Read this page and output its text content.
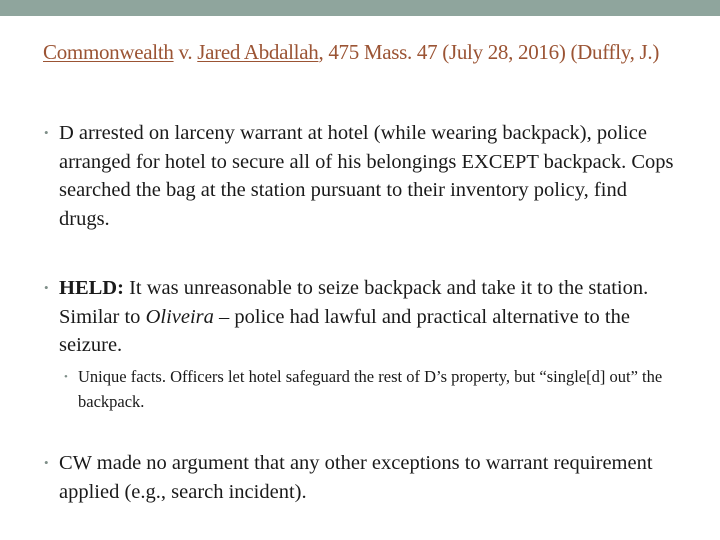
Commonwealth v. Jared Abdallah, 475 Mass. 47 (July 28, 2016) (Duffly, J.)
• D arrested on larceny warrant at hotel (while wearing backpack), police arranged for hotel to secure all of his belongings EXCEPT backpack. Cops searched the bag at the station pursuant to their inventory policy, find drugs.
• HELD: It was unreasonable to seize backpack and take it to the station. Similar to Oliveira – police had lawful and practical alternative to the seizure.
• Unique facts. Officers let hotel safeguard the rest of D’s property, but “single[d] out” the backpack.
• CW made no argument that any other exceptions to warrant requirement applied (e.g., search incident).
